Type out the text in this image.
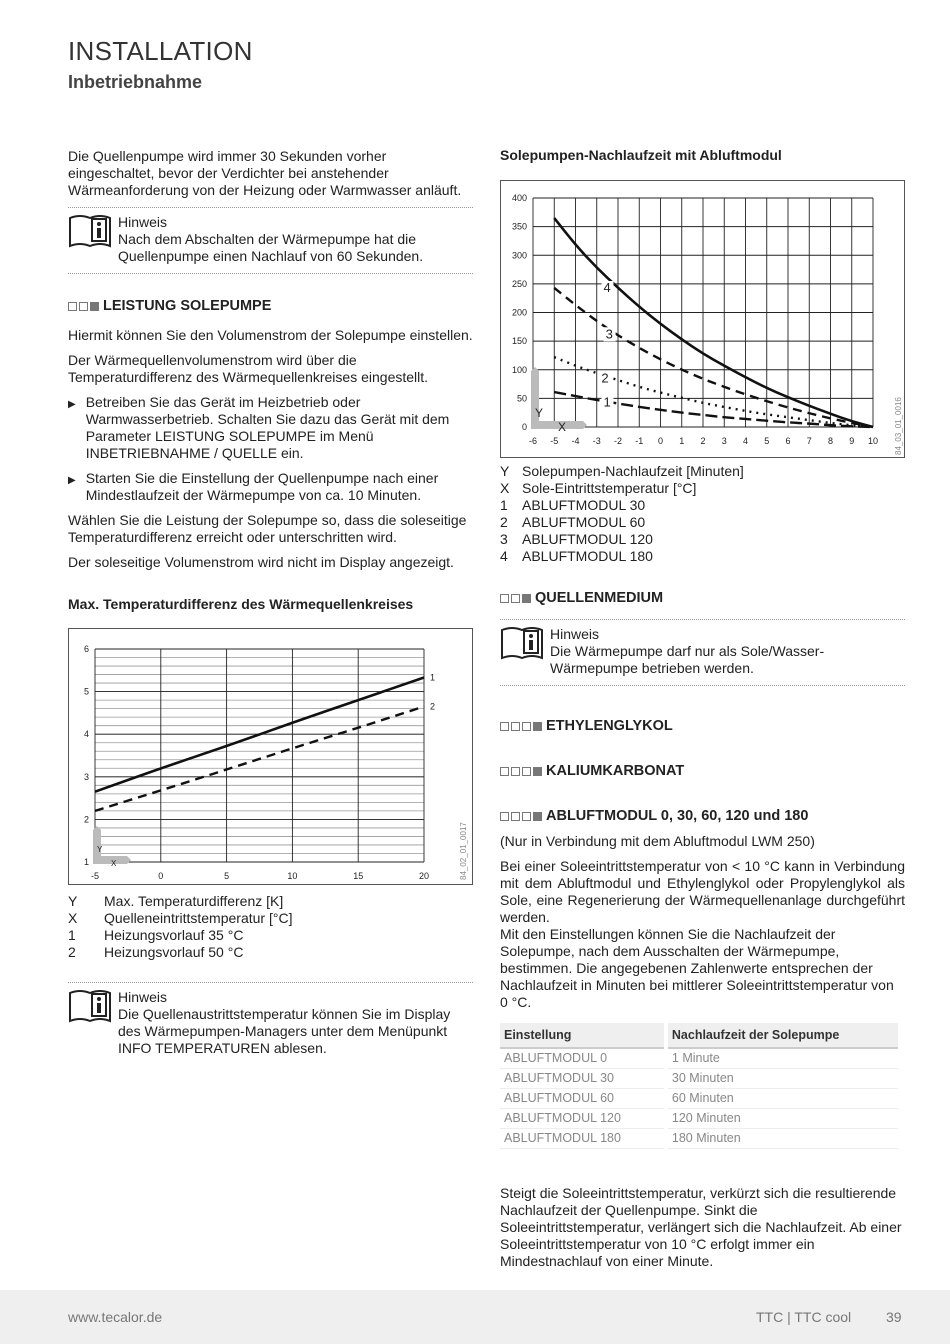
INSTALLATION
Inbetriebnahme

Die Quellenpumpe wird immer 30 Sekunden vorher eingeschaltet, bevor der Verdichter bei anstehender Wärmeanforderung von der Heizung oder Warmwasser anläuft.

Hinweis
Nach dem Abschalten der Wärmepumpe hat die Quellenpumpe einen Nachlauf von 60 Sekunden.
LEISTUNG SOLEPUMPE

Hiermit können Sie den Volumenstrom der Solepumpe einstellen.

Der Wärmequellenvolumenstrom wird über die Temperaturdifferenz des Wärmequellenkreises eingestellt.

▶ Betreiben Sie das Gerät im Heizbetrieb oder Warmwasserbetrieb. Schalten Sie dazu das Gerät mit dem Parameter LEISTUNG SOLEPUMPE im Menü INBETRIEBNAHME / QUELLE ein.

▶ Starten Sie die Einstellung der Quellenpumpe nach einer Mindestlaufzeit der Wärmepumpe von ca. 10 Minuten.

Wählen Sie die Leistung der Solepumpe so, dass die soleseitige Temperaturdifferenz erreicht oder unterschritten wird.

Der soleseitige Volumenstrom wird nicht im Display angezeigt.

Max. Temperaturdifferenz des Wärmequellenkreises
1
2
3
4
5
6
-5	0	5	10	15	20
Y
X
1
2
84_02_01_0017
Y	Max. Temperaturdifferenz [K]
X	Quelleneintrittstemperatur [°C]
1	Heizungsvorlauf 35 °C
2	Heizungsvorlauf 50 °C
Hinweis
Die Quellenaustrittstemperatur können Sie im Display des Wärmepumpen-Managers unter dem Menüpunkt INFO TEMPERATUREN ablesen.
Solepumpen-Nachlaufzeit mit Abluftmodul
0
50
100
150
200
250
300
350
400
-6 -5 -4 -3 -2 -1 0 1 2 3 4 5 6 7 8 9 10
Y
X
1
2
3
4
84_03_01_0016
Y Solepumpen-Nachlaufzeit [Minuten]
X Sole-Eintrittstemperatur [°C]
1	ABLUFTMODUL 30
2	ABLUFTMODUL 60
3	ABLUFTMODUL 120
4	ABLUFTMODUL 180
QUELLENMEDIUM
Hinweis
Die Wärmepumpe darf nur als Sole/Wasser-Wärmepumpe betrieben werden.
ETHYLENGLYKOL
KALIUMKARBONAT
ABLUFTMODUL 0, 30, 60, 120 und 180

(Nur in Verbindung mit dem Abluftmodul LWM 250)

Bei einer Soleeintrittstemperatur von < 10 °C kann in Verbindung mit dem Abluftmodul und Ethylenglykol oder Propylenglykol als Sole, eine Regenerierung der Wärmequellenanlage durchgeführt werden.

Mit den Einstellungen können Sie die Nachlaufzeit der Solepumpe, nach dem Ausschalten der Wärmepumpe, bestimmen. Die angegebenen Zahlenwerte entsprechen der Nachlaufzeit in Minuten bei mittlerer Soleeintrittstemperatur von 0 °C.

Einstellung	Nachlaufzeit der Solepumpe
ABLUFTMODUL 0	1 Minute
ABLUFTMODUL 30	30 Minuten
ABLUFTMODUL 60	60 Minuten
ABLUFTMODUL 120	120 Minuten
ABLUFTMODUL 180	180 Minuten

Steigt die Soleeintrittstemperatur, verkürzt sich die resultierende Nachlaufzeit der Quellenpumpe. Sinkt die Soleeintrittstemperatur, verlängert sich die Nachlaufzeit. Ab einer Soleeintrittstemperatur von 10 °C erfolgt immer ein Mindestnachlauf von einer Minute.

www.tecalor.de	TTC | TTC cool 39
